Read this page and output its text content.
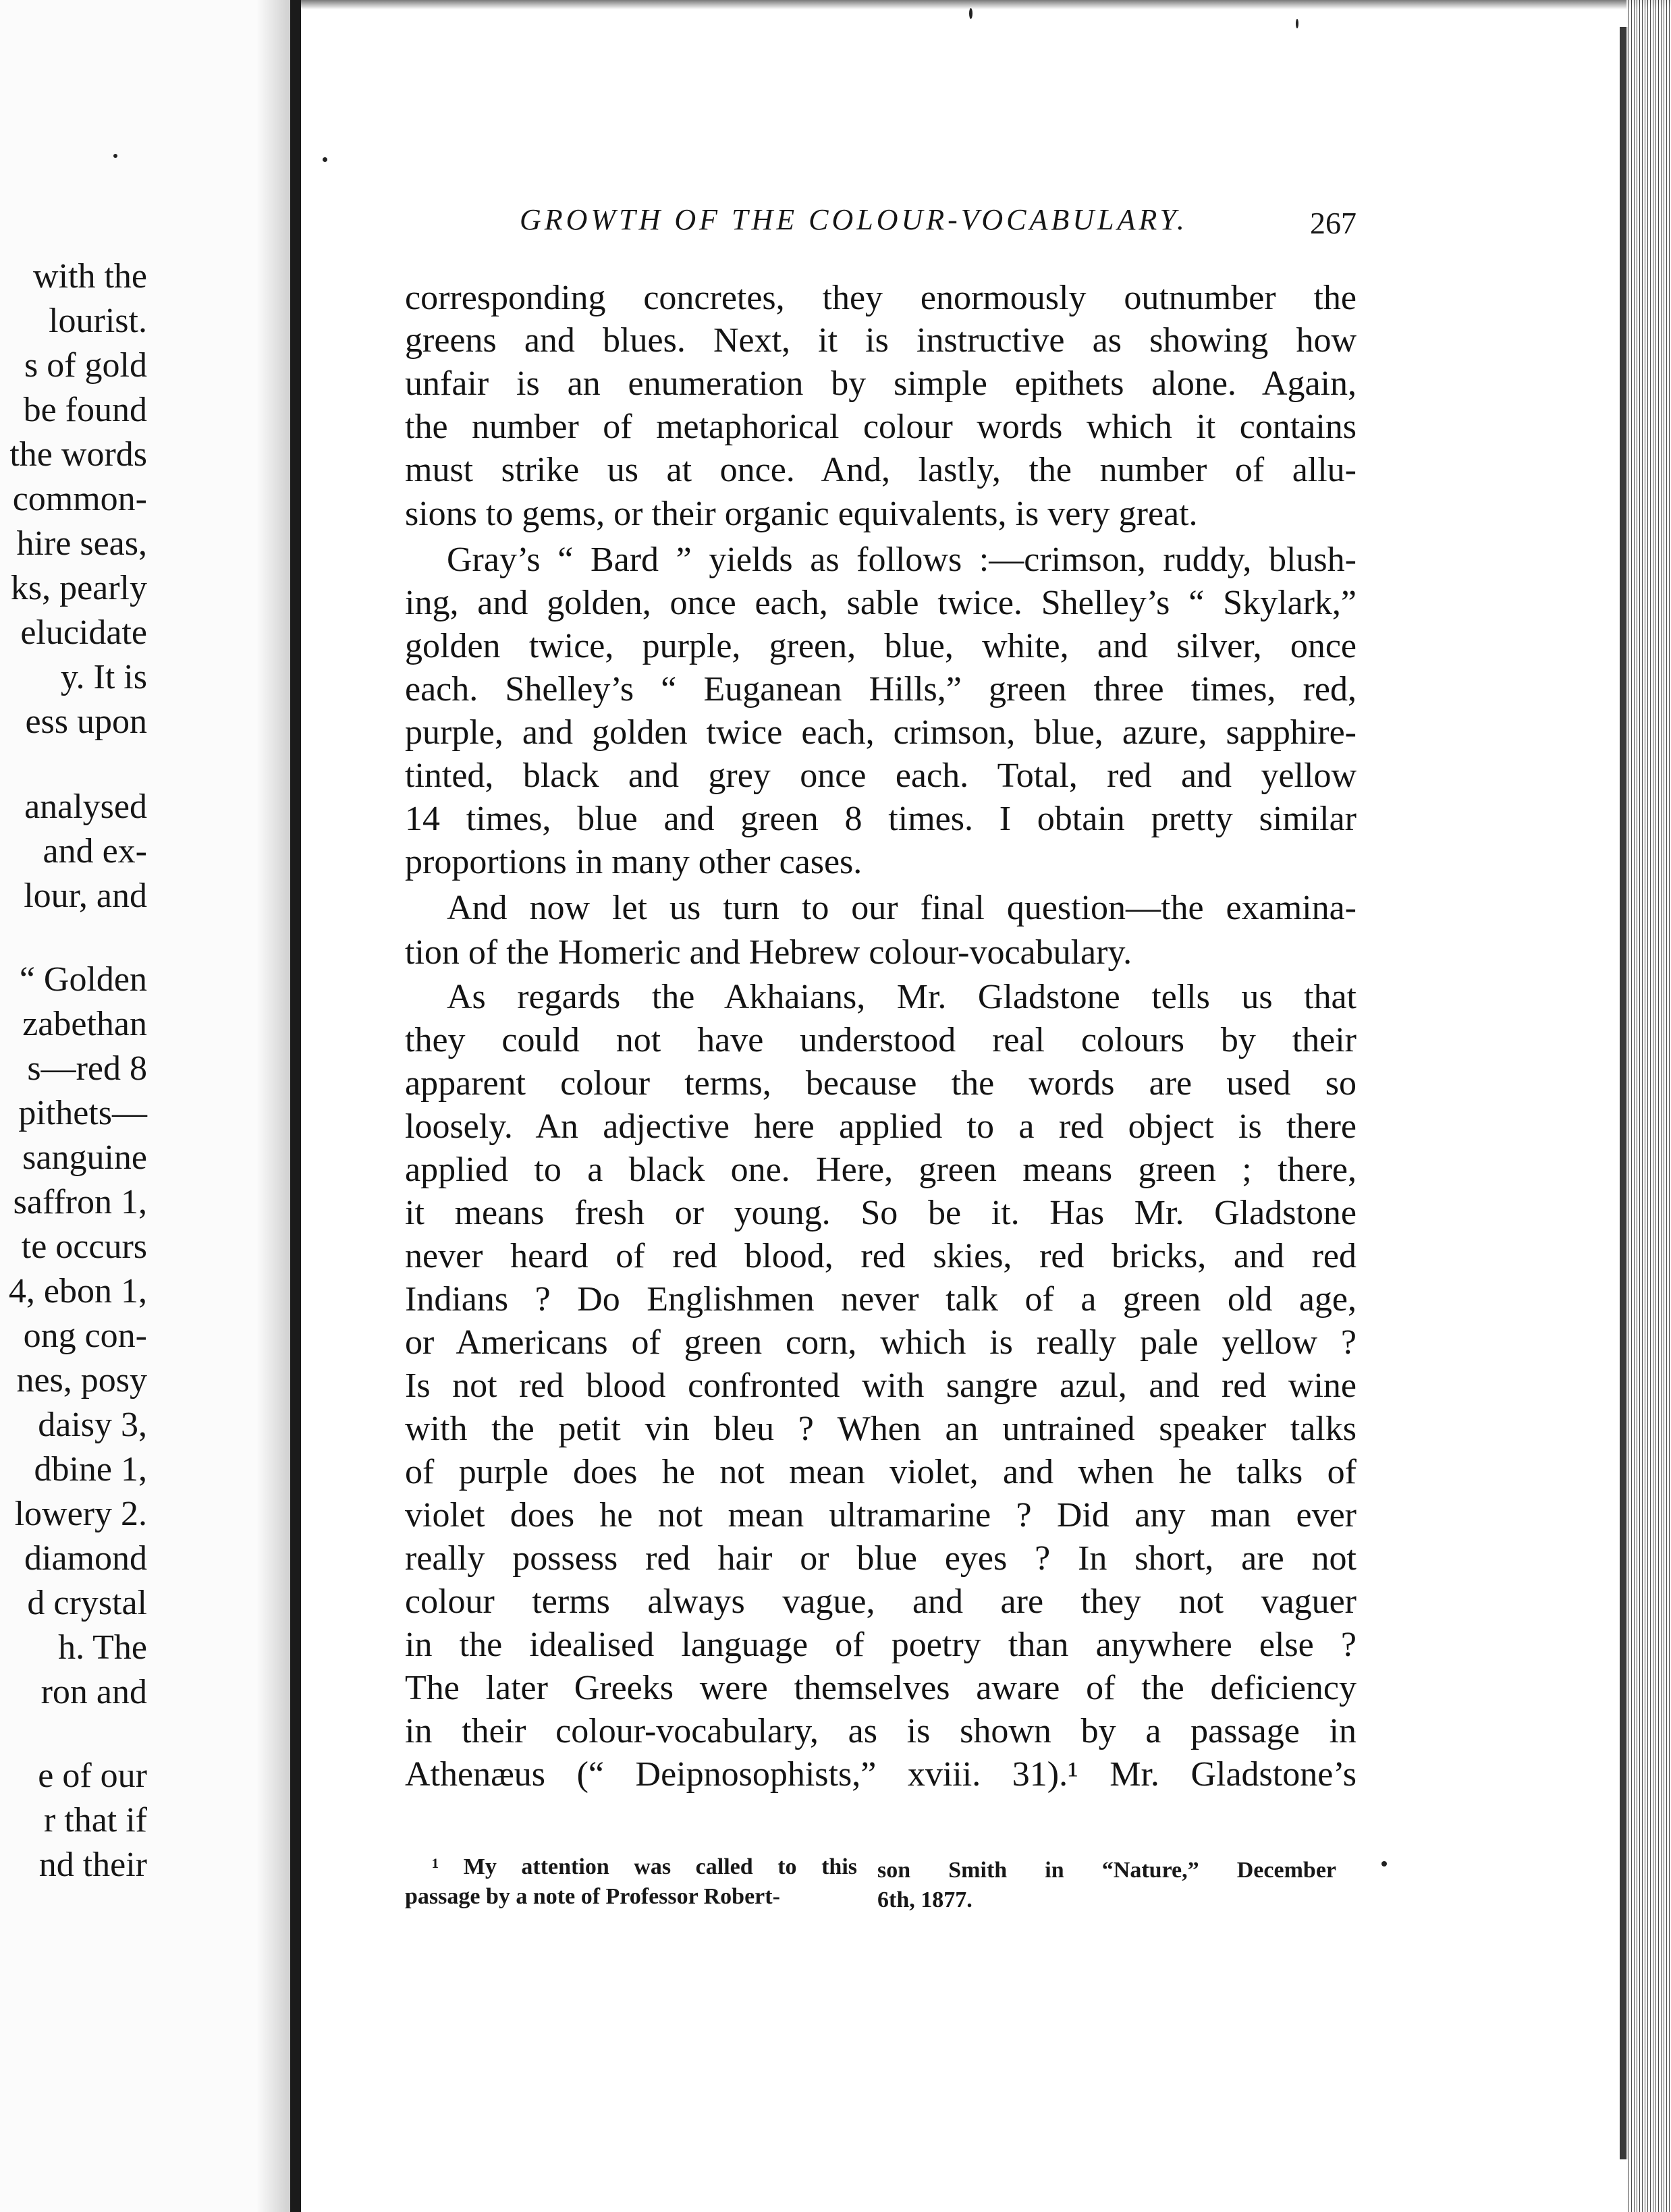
with the
lourist.
s of gold
be found
the words
common-
hire seas,
ks, pearly
elucidate
y. It is
ess upon
analysed
and ex-
lour, and
“ Golden
zabethan
s—red 8
pithets—
sanguine
saffron 1,
te occurs
4, ebon 1,
ong con-
nes, posy
daisy 3,
dbine 1,
lowery 2.
diamond
d crystal
h. The
ron and
e of our
r that if
nd their
GROWTH OF THE COLOUR-VOCABULARY.	267
corresponding concretes, they enormously outnumber the
greens and blues. Next, it is instructive as showing how
unfair is an enumeration by simple epithets alone. Again,
the number of metaphorical colour words which it contains
must strike us at once. And, lastly, the number of allu-
sions to gems, or their organic equivalents, is very great.
Gray’s “ Bard ” yields as follows :—crimson, ruddy, blush-
ing, and golden, once each, sable twice. Shelley’s “ Skylark,”
golden twice, purple, green, blue, white, and silver, once
each. Shelley’s “ Euganean Hills,” green three times, red,
purple, and golden twice each, crimson, blue, azure, sapphire-
tinted, black and grey once each. Total, red and yellow
14 times, blue and green 8 times. I obtain pretty similar
proportions in many other cases.
And now let us turn to our final question—the examina-
tion of the Homeric and Hebrew colour-vocabulary.
As regards the Akhaians, Mr. Gladstone tells us that
they could not have understood real colours by their
apparent colour terms, because the words are used so
loosely. An adjective here applied to a red object is there
applied to a black one. Here, green means green ; there,
it means fresh or young. So be it. Has Mr. Gladstone
never heard of red blood, red skies, red bricks, and red
Indians ? Do Englishmen never talk of a green old age,
or Americans of green corn, which is really pale yellow ?
Is not red blood confronted with sangre azul, and red wine
with the petit vin bleu ? When an untrained speaker talks
of purple does he not mean violet, and when he talks of
violet does he not mean ultramarine ? Did any man ever
really possess red hair or blue eyes ? In short, are not
colour terms always vague, and are they not vaguer
in the idealised language of poetry than anywhere else ?
The later Greeks were themselves aware of the deficiency
in their colour-vocabulary, as is shown by a passage in
Athenæus (“ Deipnosophists,” xviii. 31).¹ Mr. Gladstone’s
¹ My attention was called to this
passage by a note of Professor Robert-
son Smith in “Nature,” December
6th, 1877.
